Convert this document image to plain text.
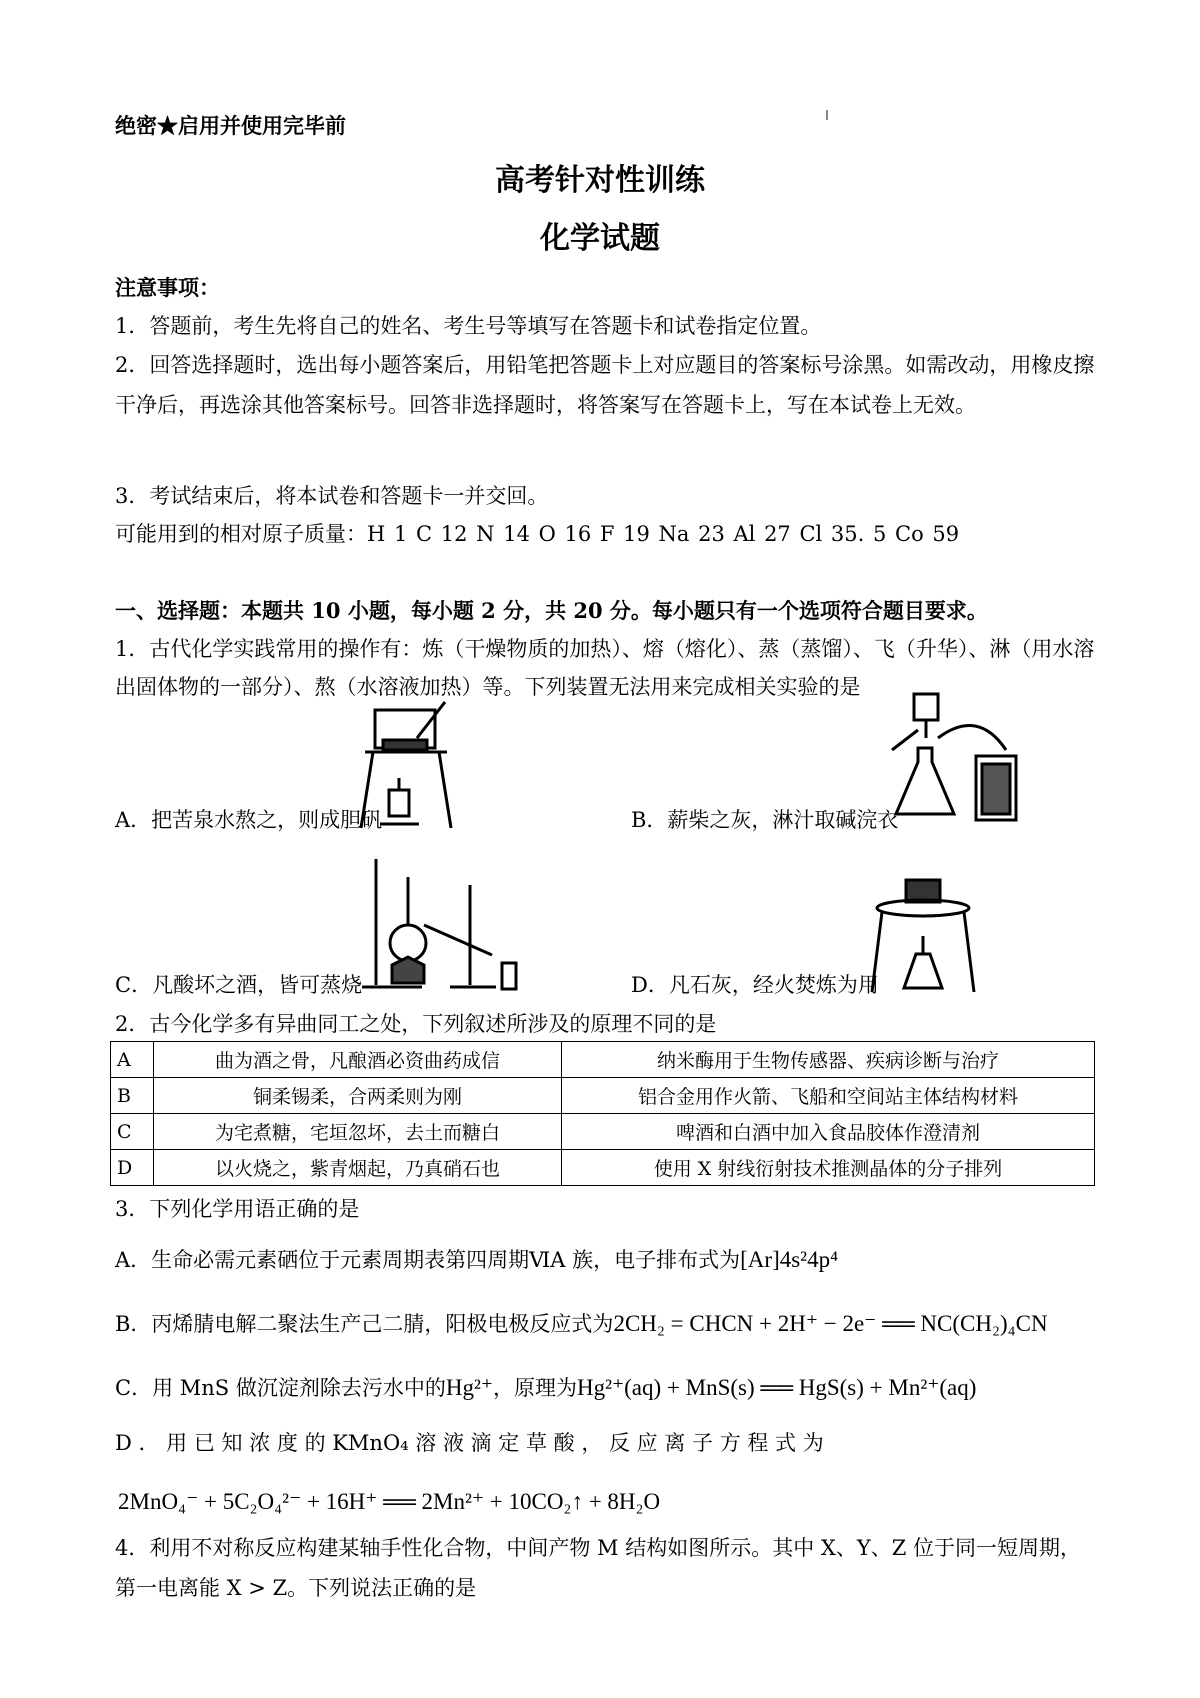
绝密★启用并使用完毕前
高考针对性训练
化学试题
注意事项：
1．答题前，考生先将自己的姓名、考生号等填写在答题卡和试卷指定位置。
2．回答选择题时，选出每小题答案后，用铅笔把答题卡上对应题目的答案标号涂黑。如需改动，用橡皮擦干净后，再选涂其他答案标号。回答非选择题时，将答案写在答题卡上，写在本试卷上无效。
3．考试结束后，将本试卷和答题卡一并交回。
可能用到的相对原子质量：H 1 C 12 N 14 O 16 F 19 Na 23 Al 27 Cl 35. 5 Co 59
一、选择题：本题共 10 小题，每小题 2 分，共 20 分。每小题只有一个选项符合题目要求。
1．古代化学实践常用的操作有：炼（干燥物质的加热）、熔（熔化）、蒸（蒸馏）、飞（升华）、淋（用水溶出固体物的一部分）、熬（水溶液加热）等。下列装置无法用来完成相关实验的是
A．把苦泉水熬之，则成胆矾	B．薪柴之灰，淋汁取碱浣衣
C．凡酸坏之酒，皆可蒸烧	D．凡石灰，经火焚炼为用
2．古今化学多有异曲同工之处，下列叙述所涉及的原理不同的是
A	曲为酒之骨，凡酿酒必资曲药成信	纳米酶用于生物传感器、疾病诊断与治疗
B	铜柔锡柔，合两柔则为刚	铝合金用作火箭、飞船和空间站主体结构材料
C	为宅煮糖，宅垣忽坏，去土而糖白	啤酒和白酒中加入食品胶体作澄清剂
D	以火烧之，紫青烟起，乃真硝石也	使用 X 射线衍射技术推测晶体的分子排列
3．下列化学用语正确的是
A．生命必需元素硒位于元素周期表第四周期ⅥA 族，电子排布式为[Ar]4s²4p⁴
B．丙烯腈电解二聚法生产己二腈，阳极电极反应式为2CH₂ = CHCN + 2H⁺ − 2e⁻ ══ NC(CH₂)₄CN
C．用 MnS 做沉淀剂除去污水中的Hg²⁺，原理为Hg²⁺(aq) + MnS(s) ══ HgS(s) + Mn²⁺(aq)
D ． 用 已 知 浓 度 的 KMnO₄ 溶 液 滴 定 草 酸 ， 反 应 离 子 方 程 式 为
2MnO₄⁻ + 5C₂O₄²⁻ + 16H⁺ ══ 2Mn²⁺ + 10CO₂↑ + 8H₂O
4．利用不对称反应构建某轴手性化合物，中间产物 M 结构如图所示。其中 X、Y、Z 位于同一短周期，第一电离能 X > Z。下列说法正确的是
